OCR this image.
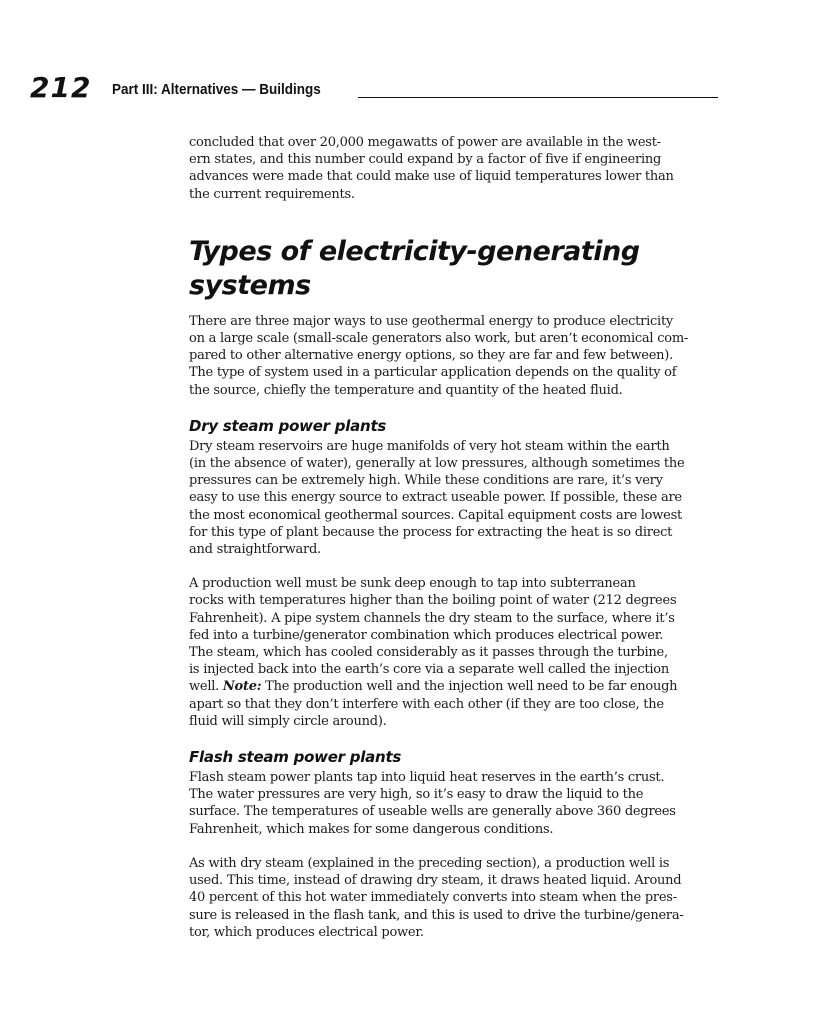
212 Part III: Alternatives — Buildings

concluded that over 20,000 megawatts of power are available in the west-
ern states, and this number could expand by a factor of five if engineering
advances were made that could make use of liquid temperatures lower than
the current requirements.

Types of electricity-generating systems

There are three major ways to use geothermal energy to produce electricity
on a large scale (small-scale generators also work, but aren’t economical com-
pared to other alternative energy options, so they are far and few between).
The type of system used in a particular application depends on the quality of
the source, chiefly the temperature and quantity of the heated fluid.

Dry steam power plants

Dry steam reservoirs are huge manifolds of very hot steam within the earth
(in the absence of water), generally at low pressures, although sometimes the
pressures can be extremely high. While these conditions are rare, it’s very
easy to use this energy source to extract useable power. If possible, these are
the most economical geothermal sources. Capital equipment costs are lowest
for this type of plant because the process for extracting the heat is so direct
and straightforward.

A production well must be sunk deep enough to tap into subterranean
rocks with temperatures higher than the boiling point of water (212 degrees
Fahrenheit). A pipe system channels the dry steam to the surface, where it’s
fed into a turbine/generator combination which produces electrical power.
The steam, which has cooled considerably as it passes through the turbine,
is injected back into the earth’s core via a separate well called the injection
well. Note: The production well and the injection well need to be far enough
apart so that they don’t interfere with each other (if they are too close, the
fluid will simply circle around).

Flash steam power plants

Flash steam power plants tap into liquid heat reserves in the earth’s crust.
The water pressures are very high, so it’s easy to draw the liquid to the
surface. The temperatures of useable wells are generally above 360 degrees
Fahrenheit, which makes for some dangerous conditions.

As with dry steam (explained in the preceding section), a production well is
used. This time, instead of drawing dry steam, it draws heated liquid. Around
40 percent of this hot water immediately converts into steam when the pres-
sure is released in the flash tank, and this is used to drive the turbine/genera-
tor, which produces electrical power.
